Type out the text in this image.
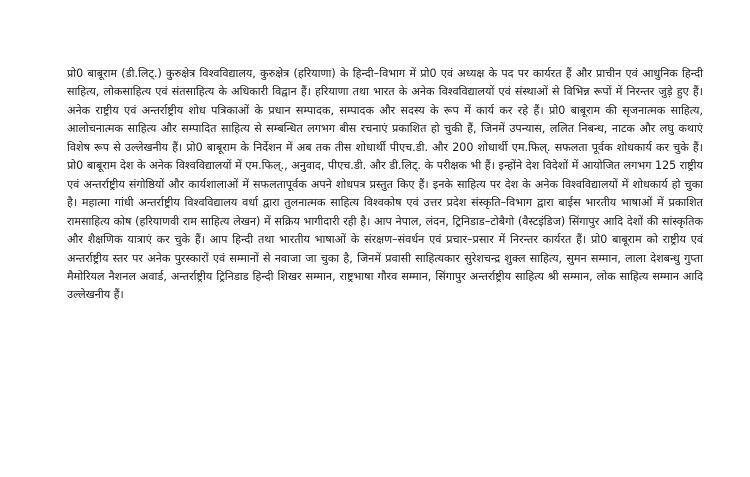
प्रो0 बाबूराम (डी.लिट्.) कुरुक्षेत्र विश्वविद्यालय, कुरुक्षेत्र (हरियाणा) के हिन्दी–विभाग में प्रो0 एवं अध्यक्ष के पद पर कार्यरत हैं और प्राचीन एवं आधुनिक हिन्दी साहित्य, लोकसाहित्य एवं संतसाहित्य के अधिकारी विद्वान हैं। हरियाणा तथा भारत के अनेक विश्वविद्यालयों एवं संस्थाओं से विभिन्न रूपों में निरन्तर जुड़े हुए हैं। अनेक राष्ट्रीय एवं अन्तर्राष्ट्रीय शोध पत्रिकाओं के प्रधान सम्पादक, सम्पादक और सदस्य के रूप में कार्य कर रहे हैं। प्रो0 बाबूराम की सृजनात्मक साहित्य, आलोचनात्मक साहित्य और सम्पादित साहित्य से सम्बन्धित लगभग बीस रचनाएं प्रकाशित हो चुकी हैं, जिनमें उपन्यास, ललित निबन्ध, नाटक और लघु कथाएं विशेष रूप से उल्लेखनीय हैं। प्रो0 बाबूराम के निर्देशन में अब तक तीस शोधार्थी पीएच.डी. और 200 शोधार्थी एम.फिल्. सफलता पूर्वक शोधकार्य कर चुके हैं। प्रो0 बाबूराम देश के अनेक विश्वविद्यालयों में एम.फिल्., अनुवाद, पीएच.डी. और डी.लिट्. के परीक्षक भी हैं। इन्होंने देश विदेशों में आयोजित लगभग 125 राष्ट्रीय एवं अन्तर्राष्ट्रीय संगोष्ठियों और कार्यशालाओं में सफलतापूर्वक अपने शोधपत्र प्रस्तुत किए हैं। इनके साहित्य पर देश के अनेक विश्वविद्यालयों में शोधकार्य हो चुका है। महात्मा गांधी अन्तर्राष्ट्रीय विश्वविद्यालय वर्धा द्वारा तुलनात्मक साहित्य विश्वकोष एवं उत्तर प्रदेश संस्कृति–विभाग द्वारा बाईस भारतीय भाषाओं में प्रकाशित रामसाहित्य कोष (हरियाणवी राम साहित्य लेखन) में सक्रिय भागीदारी रही है। आप नेपाल, लंदन, ट्रिनिडाड–टोबैगो (वैस्टइंडिज) सिंगापुर आदि देशों की सांस्कृतिक और शैक्षणिक यात्राएं कर चुके हैं। आप हिन्दी तथा भारतीय भाषाओं के संरक्षण–संवर्धन एवं प्रचार–प्रसार में निरन्तर कार्यरत हैं। प्रो0 बाबूराम को राष्ट्रीय एवं अन्तर्राष्ट्रीय स्तर पर अनेक पुरस्कारों एवं सम्मानों से नवाजा जा चुका है, जिनमें प्रवासी साहित्यकार सुरेशचन्द्र शुक्ल साहित्य, सुमन सम्मान, लाला देशबन्धु गुप्ता मैमोरियल नैशनल अवार्ड, अन्तर्राष्ट्रीय ट्रिनिडाड हिन्दी शिखर सम्मान, राष्ट्रभाषा गौरव सम्मान, सिंगापुर अन्तर्राष्ट्रीय साहित्य श्री सम्मान, लोक साहित्य सम्मान आदि उल्लेखनीय हैं।
